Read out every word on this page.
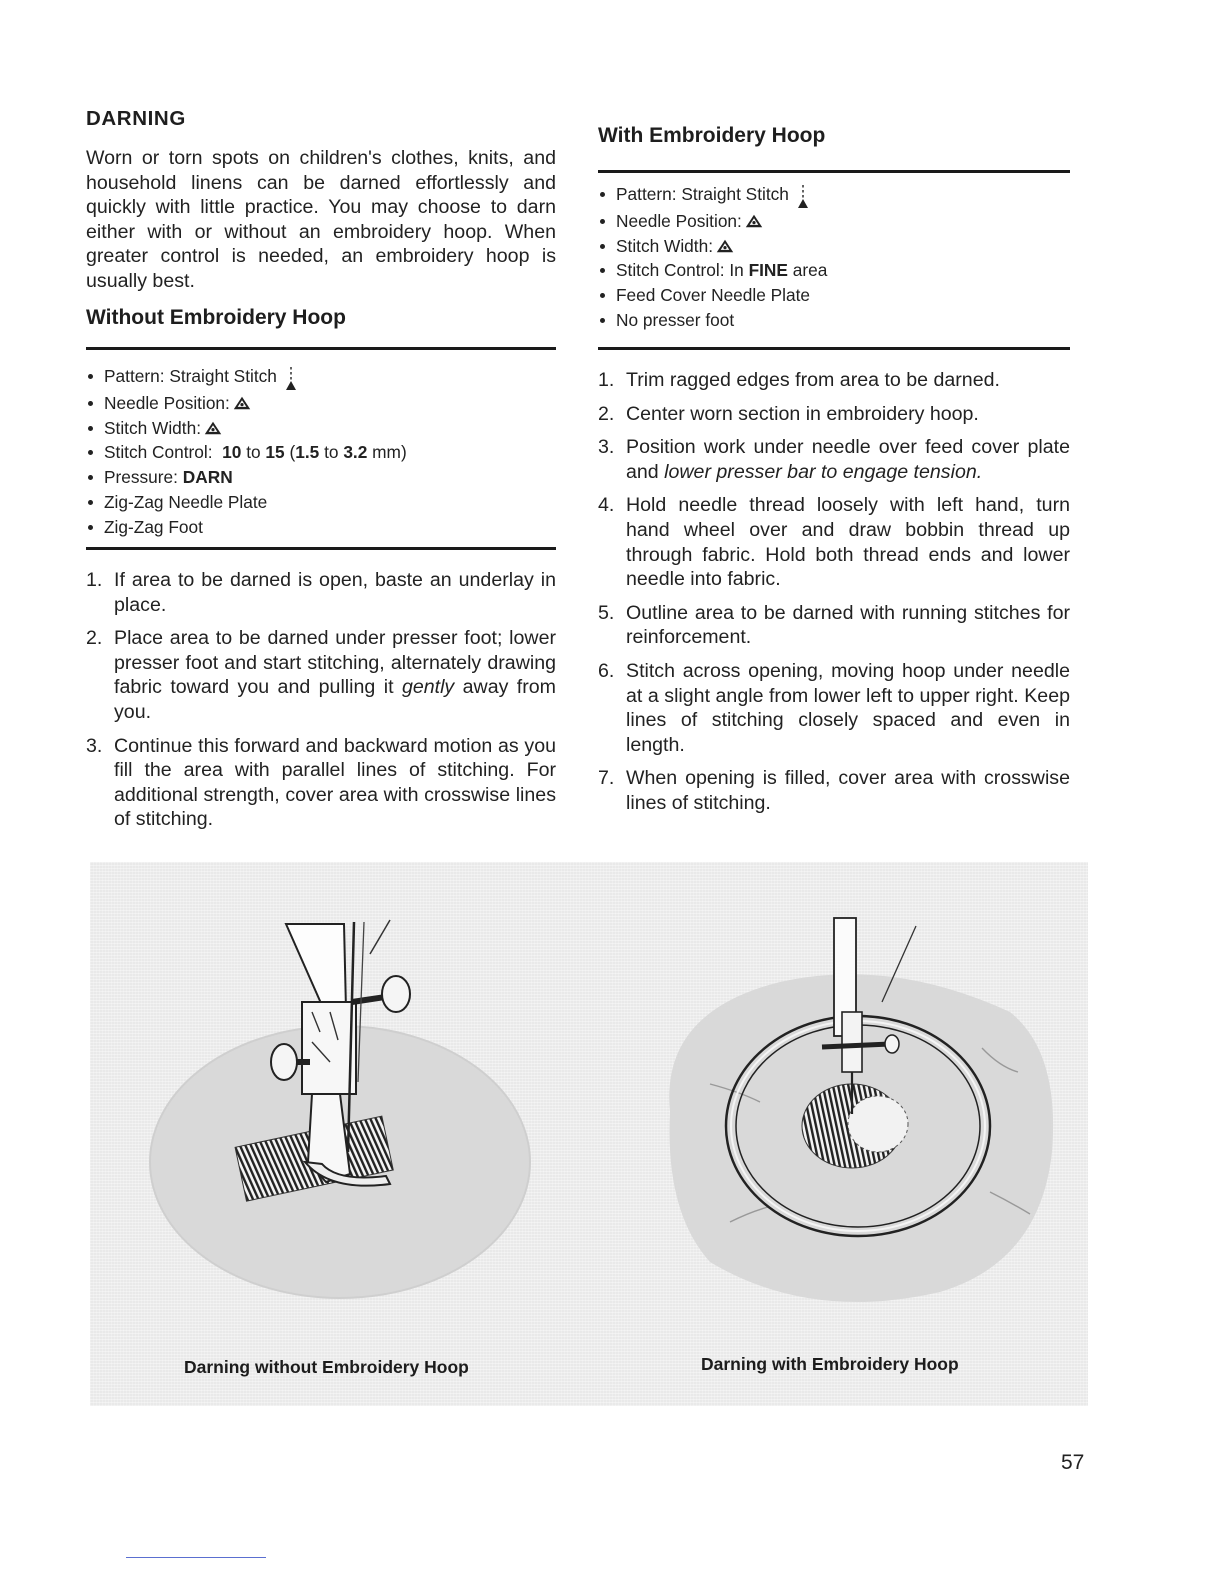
DARNING

Worn or torn spots on children's clothes, knits, and household linens can be darned effortlessly and quickly with little practice. You may choose to darn either with or without an embroidery hoop. When greater control is needed, an embroidery hoop is usually best.

Without Embroidery Hoop
Pattern: Straight Stitch
Needle Position:
Stitch Width:
Stitch Control: 10 to 15 (1.5 to 3.2 mm)
Pressure: DARN
Zig-Zag Needle Plate
Zig-Zag Foot
1. If area to be darned is open, baste an underlay in place.
2. Place area to be darned under presser foot; lower presser foot and start stitching, alternately drawing fabric toward you and pulling it gently away from you.
3. Continue this forward and backward motion as you fill the area with parallel lines of stitching. For additional strength, cover area with crosswise lines of stitching.
With Embroidery Hoop
Pattern: Straight Stitch
Needle Position:
Stitch Width:
Stitch Control: In FINE area
Feed Cover Needle Plate
No presser foot
1. Trim ragged edges from area to be darned.
2. Center worn section in embroidery hoop.
3. Position work under needle over feed cover plate and lower presser bar to engage tension.
4. Hold needle thread loosely with left hand, turn hand wheel over and draw bobbin thread up through fabric. Hold both thread ends and lower needle into fabric.
5. Outline area to be darned with running stitches for reinforcement.
6. Stitch across opening, moving hoop under needle at a slight angle from lower left to upper right. Keep lines of stitching closely spaced and even in length.
7. When opening is filled, cover area with crosswise lines of stitching.
Darning without Embroidery Hoop	Darning with Embroidery Hoop
57
